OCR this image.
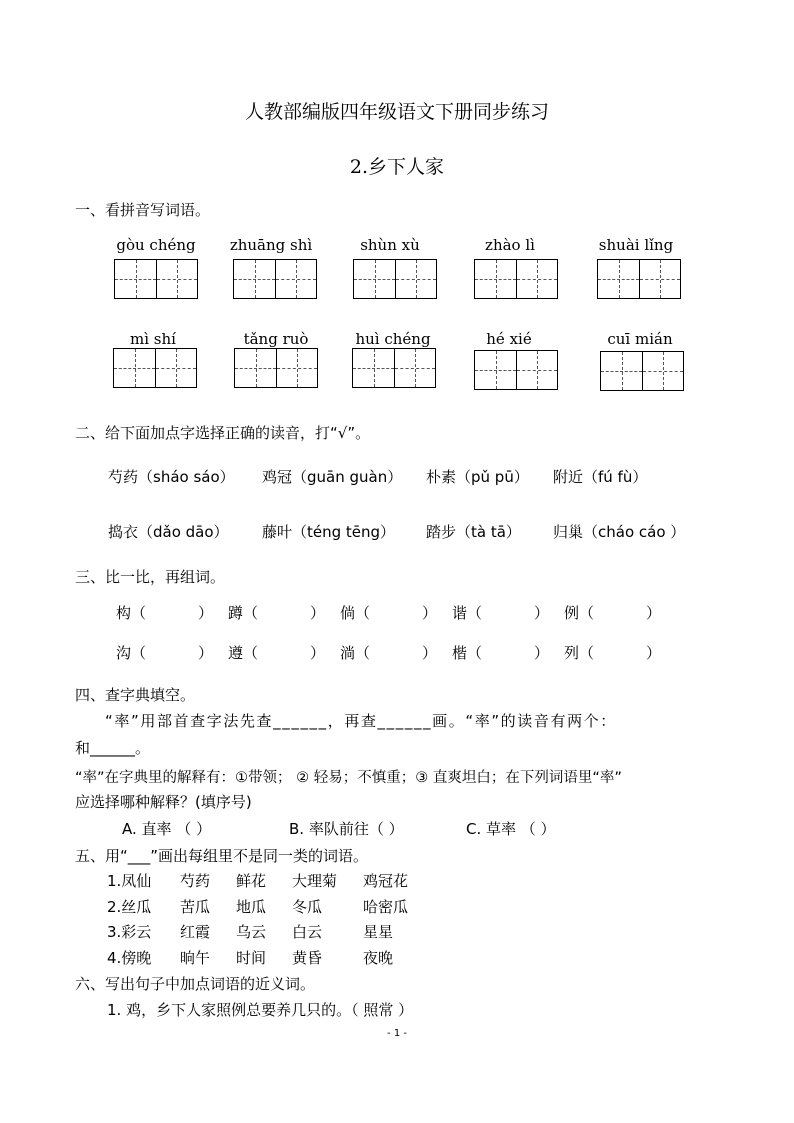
人教部编版四年级语文下册同步练习
2.乡下人家
一、看拼音写词语。
gòu chéng	zhuāng shì	shùn xù	zhào lì	shuài lǐng
mì shí	tǎng ruò	huì chéng	hé xié	cuī mián
二、给下面加点字选择正确的读音，打“√”。
芍药（sháo sáo） 鸡冠（guān guàn） 朴素（pǔ pū） 附近（fú fù）
捣衣（dǎo dāo） 藤叶（téng tēng） 踏步（tà tā） 归巢（cháo cáo ）
三、比一比，再组词。
构（	） 蹲（	） 倘（	） 谐（	） 例（	）
沟（	） 遵（	） 淌（	） 楷（	） 列（	）
四、查字典填空。
“率”用部首查字法先查______，再查______画。“率”的读音有两个：
和______。
“率”在字典里的解释有：①带领； ② 轻易；不慎重；③ 直爽坦白；在下列词语里“率”
应选择哪种解释？(填序号)
A. 直率 （ ）	B. 率队前往（ ）	C. 草率 （ ）
五、用“___”画出每组里不是同一类的词语。
1.凤仙 芍药 鲜花 大理菊 鸡冠花
2.丝瓜 苦瓜 地瓜 冬瓜	哈密瓜
3.彩云 红霞 乌云 白云	星星
4.傍晚 晌午 时间 黄昏	夜晚
六、写出句子中加点词语的近义词。
1. 鸡，乡下人家照例总要养几只的。（ 照常 ）
- 1 -
